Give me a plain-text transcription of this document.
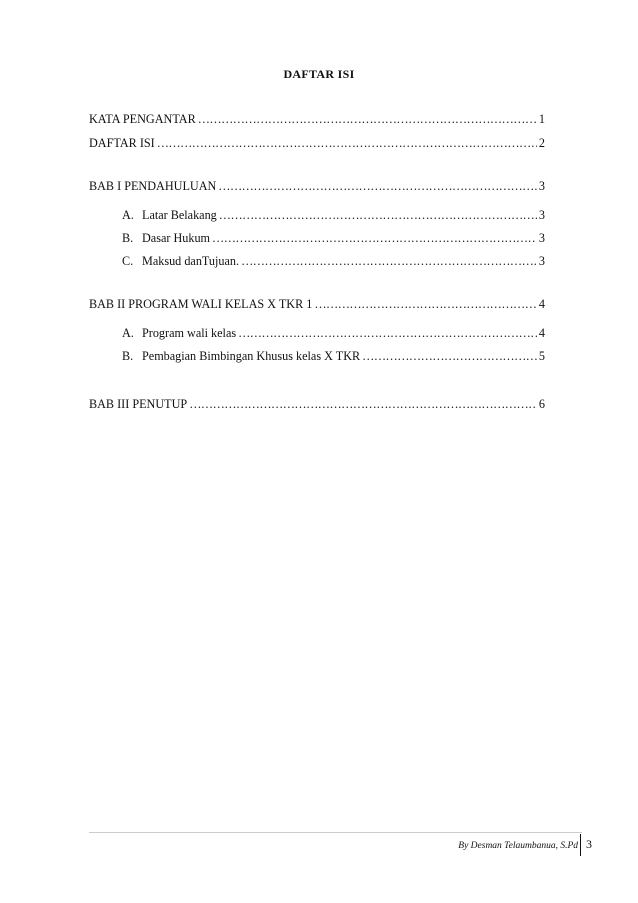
DAFTAR ISI
KATA PENGANTAR ……………………………………………………………………………………………………………………………………………………………………	1
DAFTAR ISI ……………………………………………………………………………………………………………………………………………………………………	2
BAB I PENDAHULUAN ……………………………………………………………………………………………………………………………………………………………………	3
A. Latar Belakang ……………………………………………………………………………………………………………………………………………………………………	3
B. Dasar Hukum ……………………………………………………………………………………………………………………………………………………………………	3
C. Maksud danTujuan. ……………………………………………………………………………………………………………………………………………………………………	3
BAB II PROGRAM WALI KELAS X TKR 1 ……………………………………………………………………………………………………………………………………………………………………	4
A. Program wali kelas ……………………………………………………………………………………………………………………………………………………………………	4
B. Pembagian Bimbingan Khusus kelas X TKR ……………………………………………………………………………………………………………………………………………………………………	5
BAB III PENUTUP ……………………………………………………………………………………………………………………………………………………………………	6
By Desman Telaumbanua, S.Pd 3
